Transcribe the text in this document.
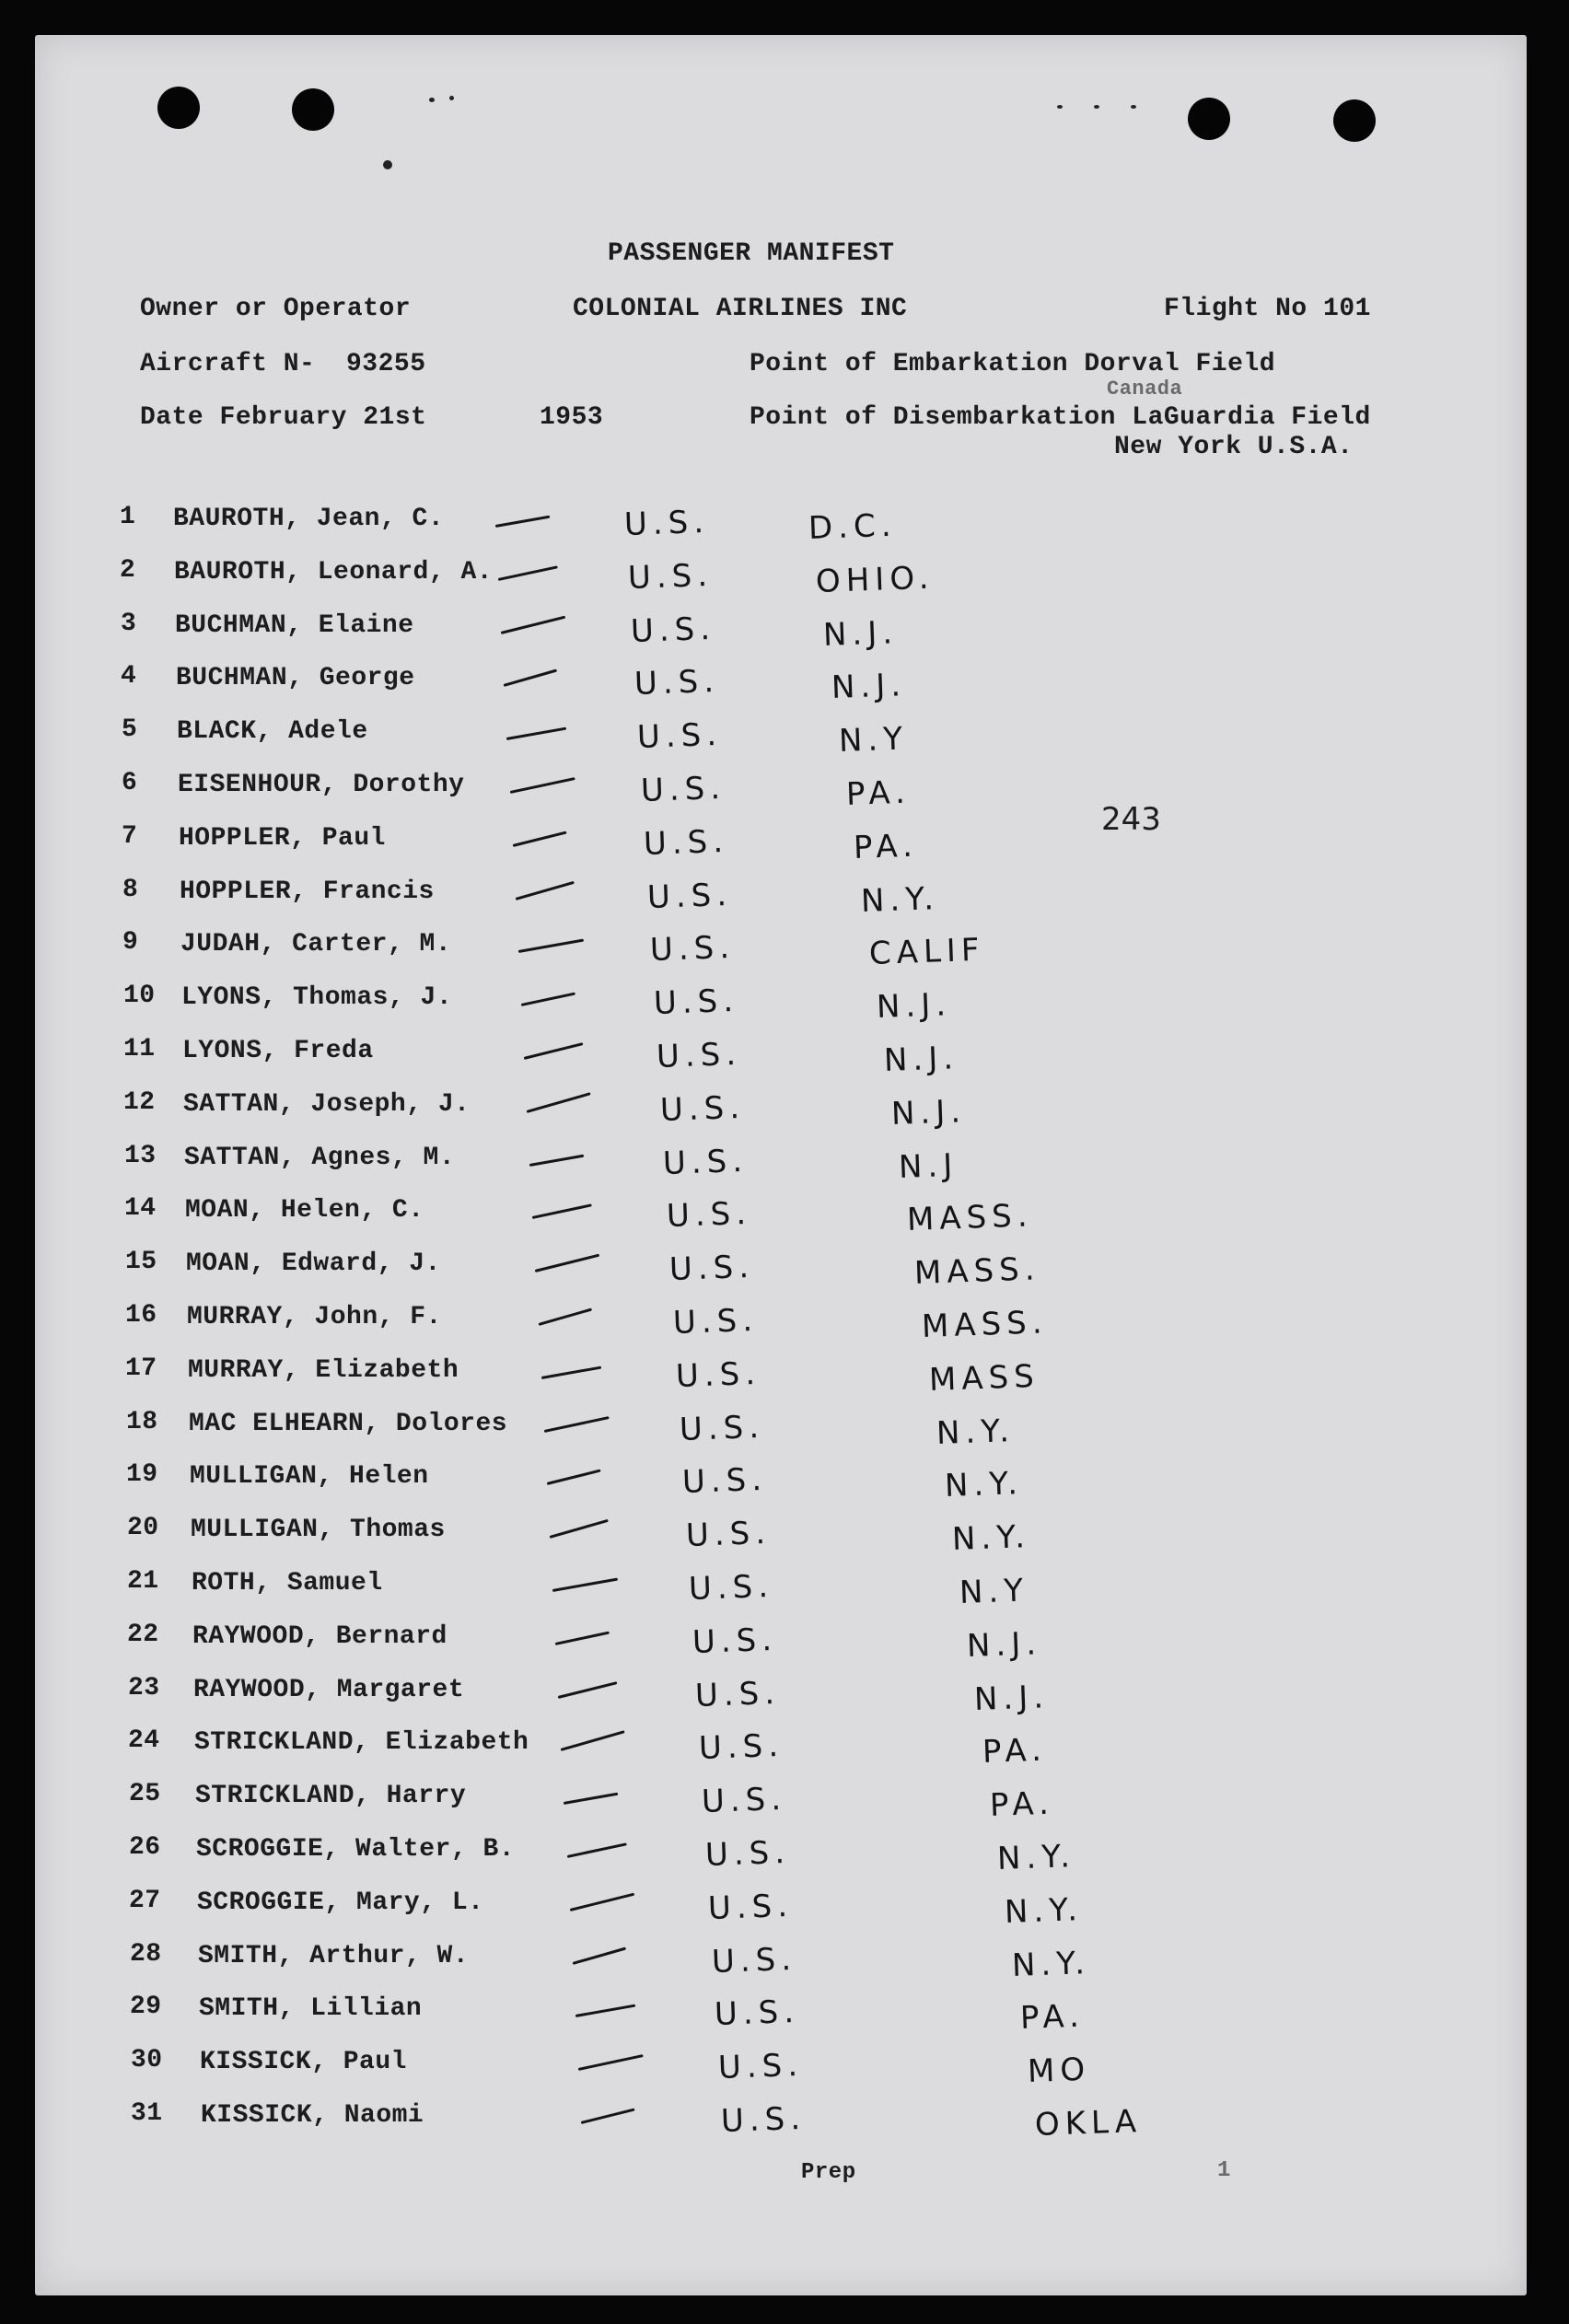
PASSENGER MANIFEST
Owner or Operator	COLONIAL AIRLINES INC	Flight No 101
Aircraft N- 93255	Point of Embarkation Dorval Field
Canada
Date February 21st	1953	Point of Disembarkation LaGuardia Field
New York U.S.A.
243
1 BAUROTH, Jean, C.	U.S.	D.C.
2 BAUROTH, Leonard, A.	U.S.	OHIO.
3 BUCHMAN, Elaine	U.S.	N.J.
4 BUCHMAN, George	U.S.	N.J.
5 BLACK, Adele	U.S.	N.Y
6 EISENHOUR, Dorothy	U.S.	PA.
7 HOPPLER, Paul	U.S.	PA.
8 HOPPLER, Francis	U.S.	N.Y.
9 JUDAH, Carter, M.	U.S.	CALIF
10 LYONS, Thomas, J.	U.S.	N.J.
11 LYONS, Freda	U.S.	N.J.
12 SATTAN, Joseph, J.	U.S.	N.J.
13 SATTAN, Agnes, M.	U.S.	N.J
14 MOAN, Helen, C.	U.S.	MASS.
15 MOAN, Edward, J.	U.S.	MASS.
16 MURRAY, John, F.	U.S.	MASS.
17 MURRAY, Elizabeth	U.S.	MASS
18 MAC ELHEARN, Dolores	U.S.	N.Y.
19 MULLIGAN, Helen	U.S.	N.Y.
20 MULLIGAN, Thomas	U.S.	N.Y.
21 ROTH, Samuel	U.S.	N.Y
22 RAYWOOD, Bernard	U.S.	N.J.
23 RAYWOOD, Margaret	U.S.	N.J.
24 STRICKLAND, Elizabeth	U.S.	PA.
25 STRICKLAND, Harry	U.S.	PA.
26 SCROGGIE, Walter, B.	U.S.	N.Y.
27 SCROGGIE, Mary, L.	U.S.	N.Y.
28 SMITH, Arthur, W.	U.S.	N.Y.
29 SMITH, Lillian	U.S.	PA.
30 KISSICK, Paul	U.S.	MO
31 KISSICK, Naomi	U.S.	OKLA
Prep	1
